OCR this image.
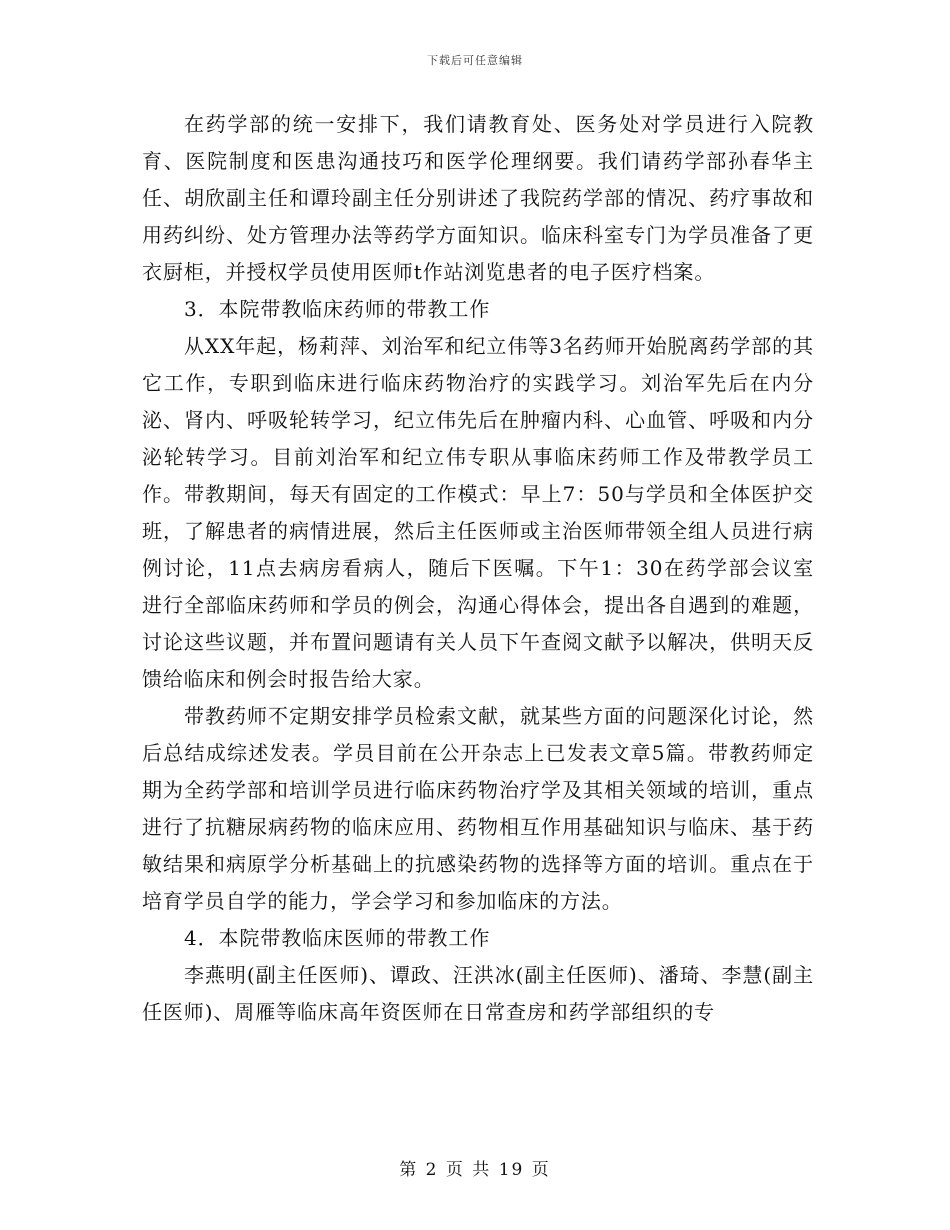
下载后可任意编辑

在药学部的统一安排下，我们请教育处、医务处对学员进行入院教育、医院制度和医患沟通技巧和医学伦理纲要。我们请药学部孙春华主任、胡欣副主任和谭玲副主任分别讲述了我院药学部的情况、药疗事故和用药纠纷、处方管理办法等药学方面知识。临床科室专门为学员准备了更衣厨柜，并授权学员使用医师t作站浏览患者的电子医疗档案。

3．本院带教临床药师的带教工作

从XX年起，杨莉萍、刘治军和纪立伟等3名药师开始脱离药学部的其它工作，专职到临床进行临床药物治疗的实践学习。刘治军先后在内分泌、肾内、呼吸轮转学习，纪立伟先后在肿瘤内科、心血管、呼吸和内分泌轮转学习。目前刘治军和纪立伟专职从事临床药师工作及带教学员工作。带教期间，每天有固定的工作模式：早上7：50与学员和全体医护交班，了解患者的病情进展，然后主任医师或主治医师带领全组人员进行病例讨论，11点去病房看病人，随后下医嘱。下午1：30在药学部会议室进行全部临床药师和学员的例会，沟通心得体会，提出各自遇到的难题，讨论这些议题，并布置问题请有关人员下午查阅文献予以解决，供明天反馈给临床和例会时报告给大家。

带教药师不定期安排学员检索文献，就某些方面的问题深化讨论，然后总结成综述发表。学员目前在公开杂志上已发表文章5篇。带教药师定期为全药学部和培训学员进行临床药物治疗学及其相关领域的培训，重点进行了抗糖尿病药物的临床应用、药物相互作用基础知识与临床、基于药敏结果和病原学分析基础上的抗感染药物的选择等方面的培训。重点在于培育学员自学的能力，学会学习和参加临床的方法。

4．本院带教临床医师的带教工作

李燕明(副主任医师)、谭政、汪洪冰(副主任医师)、潘琦、李慧(副主任医师)、周雁等临床高年资医师在日常查房和药学部组织的专

第 2 页 共 19 页
